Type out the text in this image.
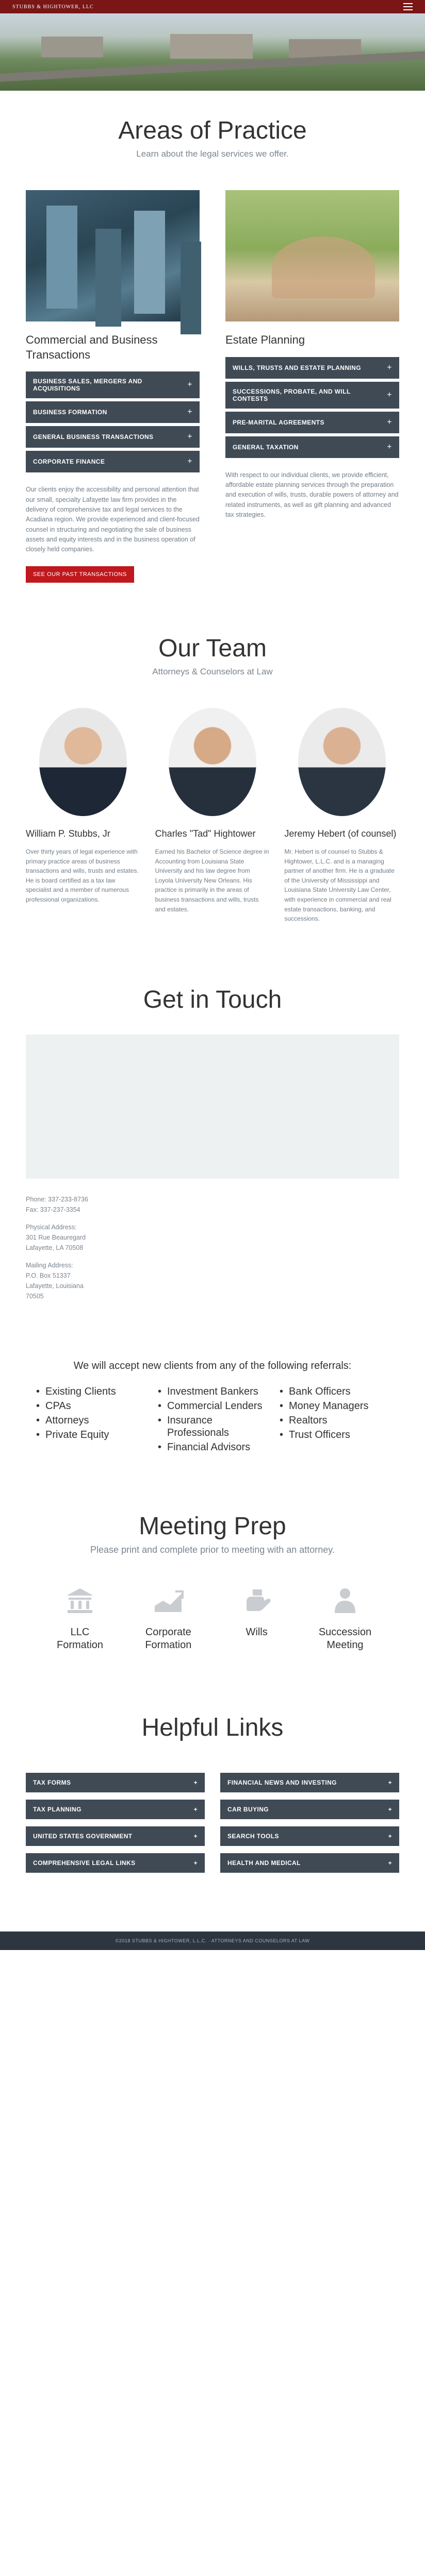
STUBBS & HIGHTOWER, LLC
Areas of Practice
Learn about the legal services we offer.
Commercial and Business Transactions
BUSINESS SALES, MERGERS AND ACQUISITIONS	+
BUSINESS FORMATION	+
GENERAL BUSINESS TRANSACTIONS	+
CORPORATE FINANCE	+

Our clients enjoy the accessibility and personal attention that our small, specialty Lafayette law firm provides in the delivery of comprehensive tax and legal services to the Acadiana region. We provide experienced and client-focused counsel in structuring and negotiating the sale of business assets and equity interests and in the business operation of closely held companies.

SEE OUR PAST TRANSACTIONS
Estate Planning
WILLS, TRUSTS AND ESTATE PLANNING	+
SUCCESSIONS, PROBATE, AND WILL CONTESTS	+
PRE-MARITAL AGREEMENTS	+
GENERAL TAXATION	+

With respect to our individual clients, we provide efficient, affordable estate planning services through the preparation and execution of wills, trusts, durable powers of attorney and related instruments, as well as gift planning and advanced tax strategies.

Our Team
Attorneys & Counselors at Law
William P. Stubbs, Jr

Over thirty years of legal experience with primary practice areas of business transactions and wills, trusts and estates. He is board certified as a tax law specialist and a member of numerous professional organizations.

Charles "Tad" Hightower

Earned his Bachelor of Science degree in Accounting from Louisiana State University and his law degree from Loyola University New Orleans. His practice is primarily in the areas of business transactions and wills, trusts and estates.

Jeremy Hebert (of counsel)

Mr. Hebert is of counsel to Stubbs & Hightower, L.L.C. and is a managing partner of another firm. He is a graduate of the University of Mississippi and Louisiana State University Law Center, with experience in commercial and real estate transactions, banking, and successions.

Get in Touch
Phone: 337-233-8736
Fax: 337-237-3354
Physical Address:
301 Rue Beauregard
Lafayette, LA 70508
Mailing Address:
P.O. Box 51337
Lafayette, Louisiana
70505
We will accept new clients from any of the following referrals:
• Existing Clients
• CPAs
• Attorneys
• Private Equity
• Investment Bankers
• Commercial Lenders
• Insurance Professionals
• Financial Advisors
• Bank Officers
• Money Managers
• Realtors
• Trust Officers
Meeting Prep
Please print and complete prior to meeting with an attorney.
LLC Formation
Corporate Formation
Wills	Succession Meeting
Helpful Links
TAX FORMS	+
TAX PLANNING	+
UNITED STATES GOVERNMENT	+
COMPREHENSIVE LEGAL LINKS	+
FINANCIAL NEWS AND INVESTING	+
CAR BUYING	+
SEARCH TOOLS	+
HEALTH AND MEDICAL	+
©2018 STUBBS & HIGHTOWER, L.L.C. · ATTORNEYS AND COUNSELORS AT LAW
